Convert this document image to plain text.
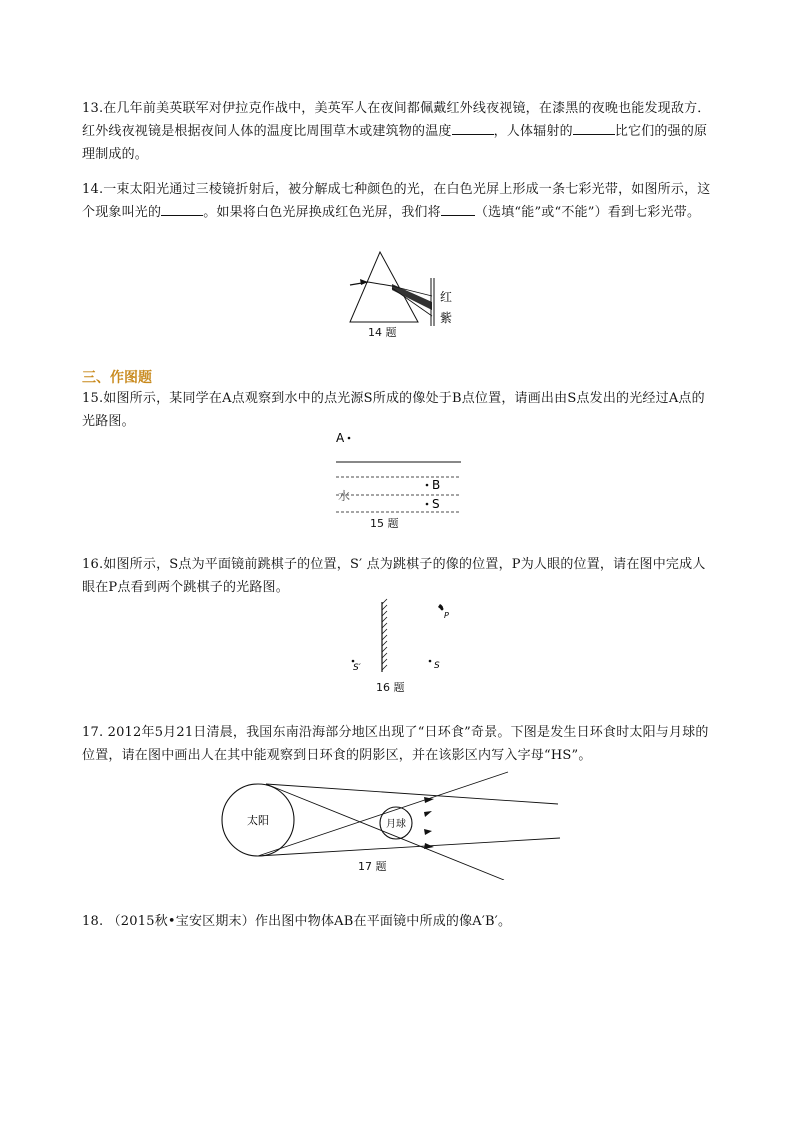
13.在几年前美英联军对伊拉克作战中，美英军人在夜间都佩戴红外线夜视镜，在漆黑的夜晚也能发现敌方．红外线夜视镜是根据夜间人体的温度比周围草木或建筑物的温度	，人体辐射的	比它们的强的原理制成的。
14.一束太阳光通过三棱镜折射后，被分解成七种颜色的光，在白色光屏上形成一条七彩光带，如图所示，这个现象叫光的	。如果将白色光屏换成红色光屏，我们将	（选填“能”或“不能”）看到七彩光带。
红
紫
14 题
三、作图题
15.如图所示，某同学在A点观察到水中的点光源S所成的像处于B点位置，请画出由S点发出的光经过A点的光路图。
A
水
B
S
15 题
16.如图所示，S点为平面镜前跳棋子的位置，S′ 点为跳棋子的像的位置，P为人眼的位置，请在图中完成人眼在P点看到两个跳棋子的光路图。
P
S′	S
16 题
17. 2012年5月21日清晨，我国东南沿海部分地区出现了“日环食”奇景。下图是发生日环食时太阳与月球的位置，请在图中画出人在其中能观察到日环食的阴影区，并在该影区内写入字母“HS”。
太阳	月球
17 题
18. （2015秋•宝安区期末）作出图中物体AB在平面镜中所成的像A′B′。
